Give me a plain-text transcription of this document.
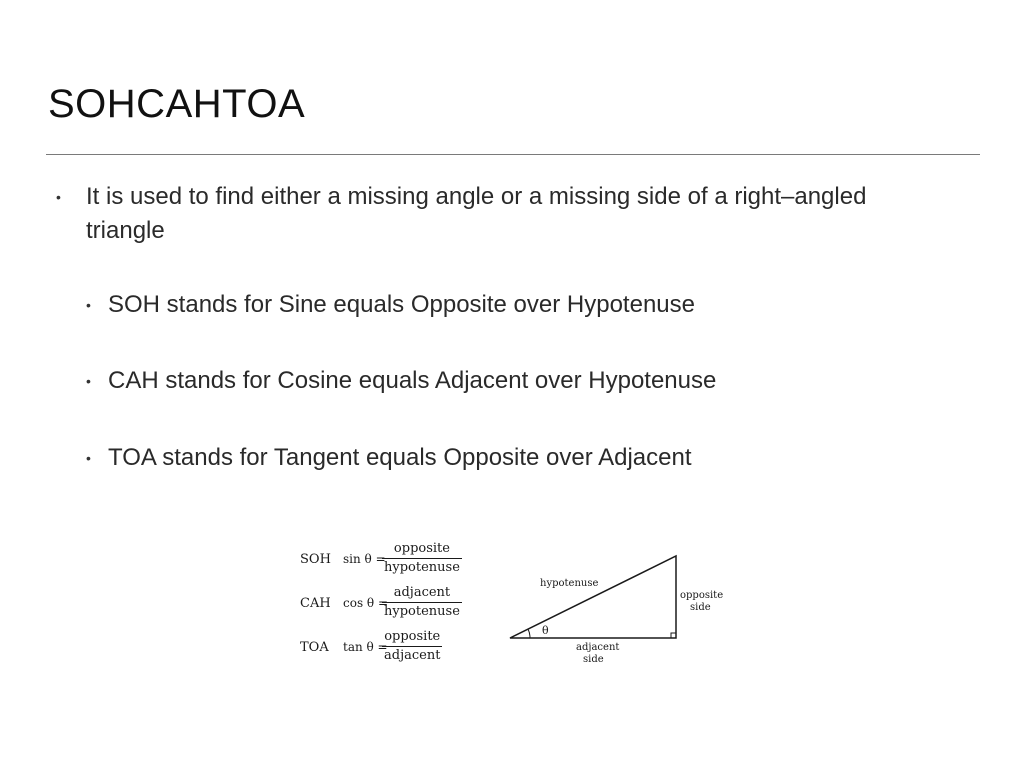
SOHCAHTOA
• It is used to find either a missing angle or a missing side of a right–angled triangle
• SOH stands for Sine equals Opposite over Hypotenuse
• CAH stands for Cosine equals Adjacent over Hypotenuse
• TOA stands for Tangent equals Opposite over Adjacent
SOH sin θ =
opposite
hypotenuse
CAH cos θ =
adjacent
hypotenuse
TOA tan θ =
opposite
adjacent
hypotenuse
opposite
side
θ
adjacent
side
